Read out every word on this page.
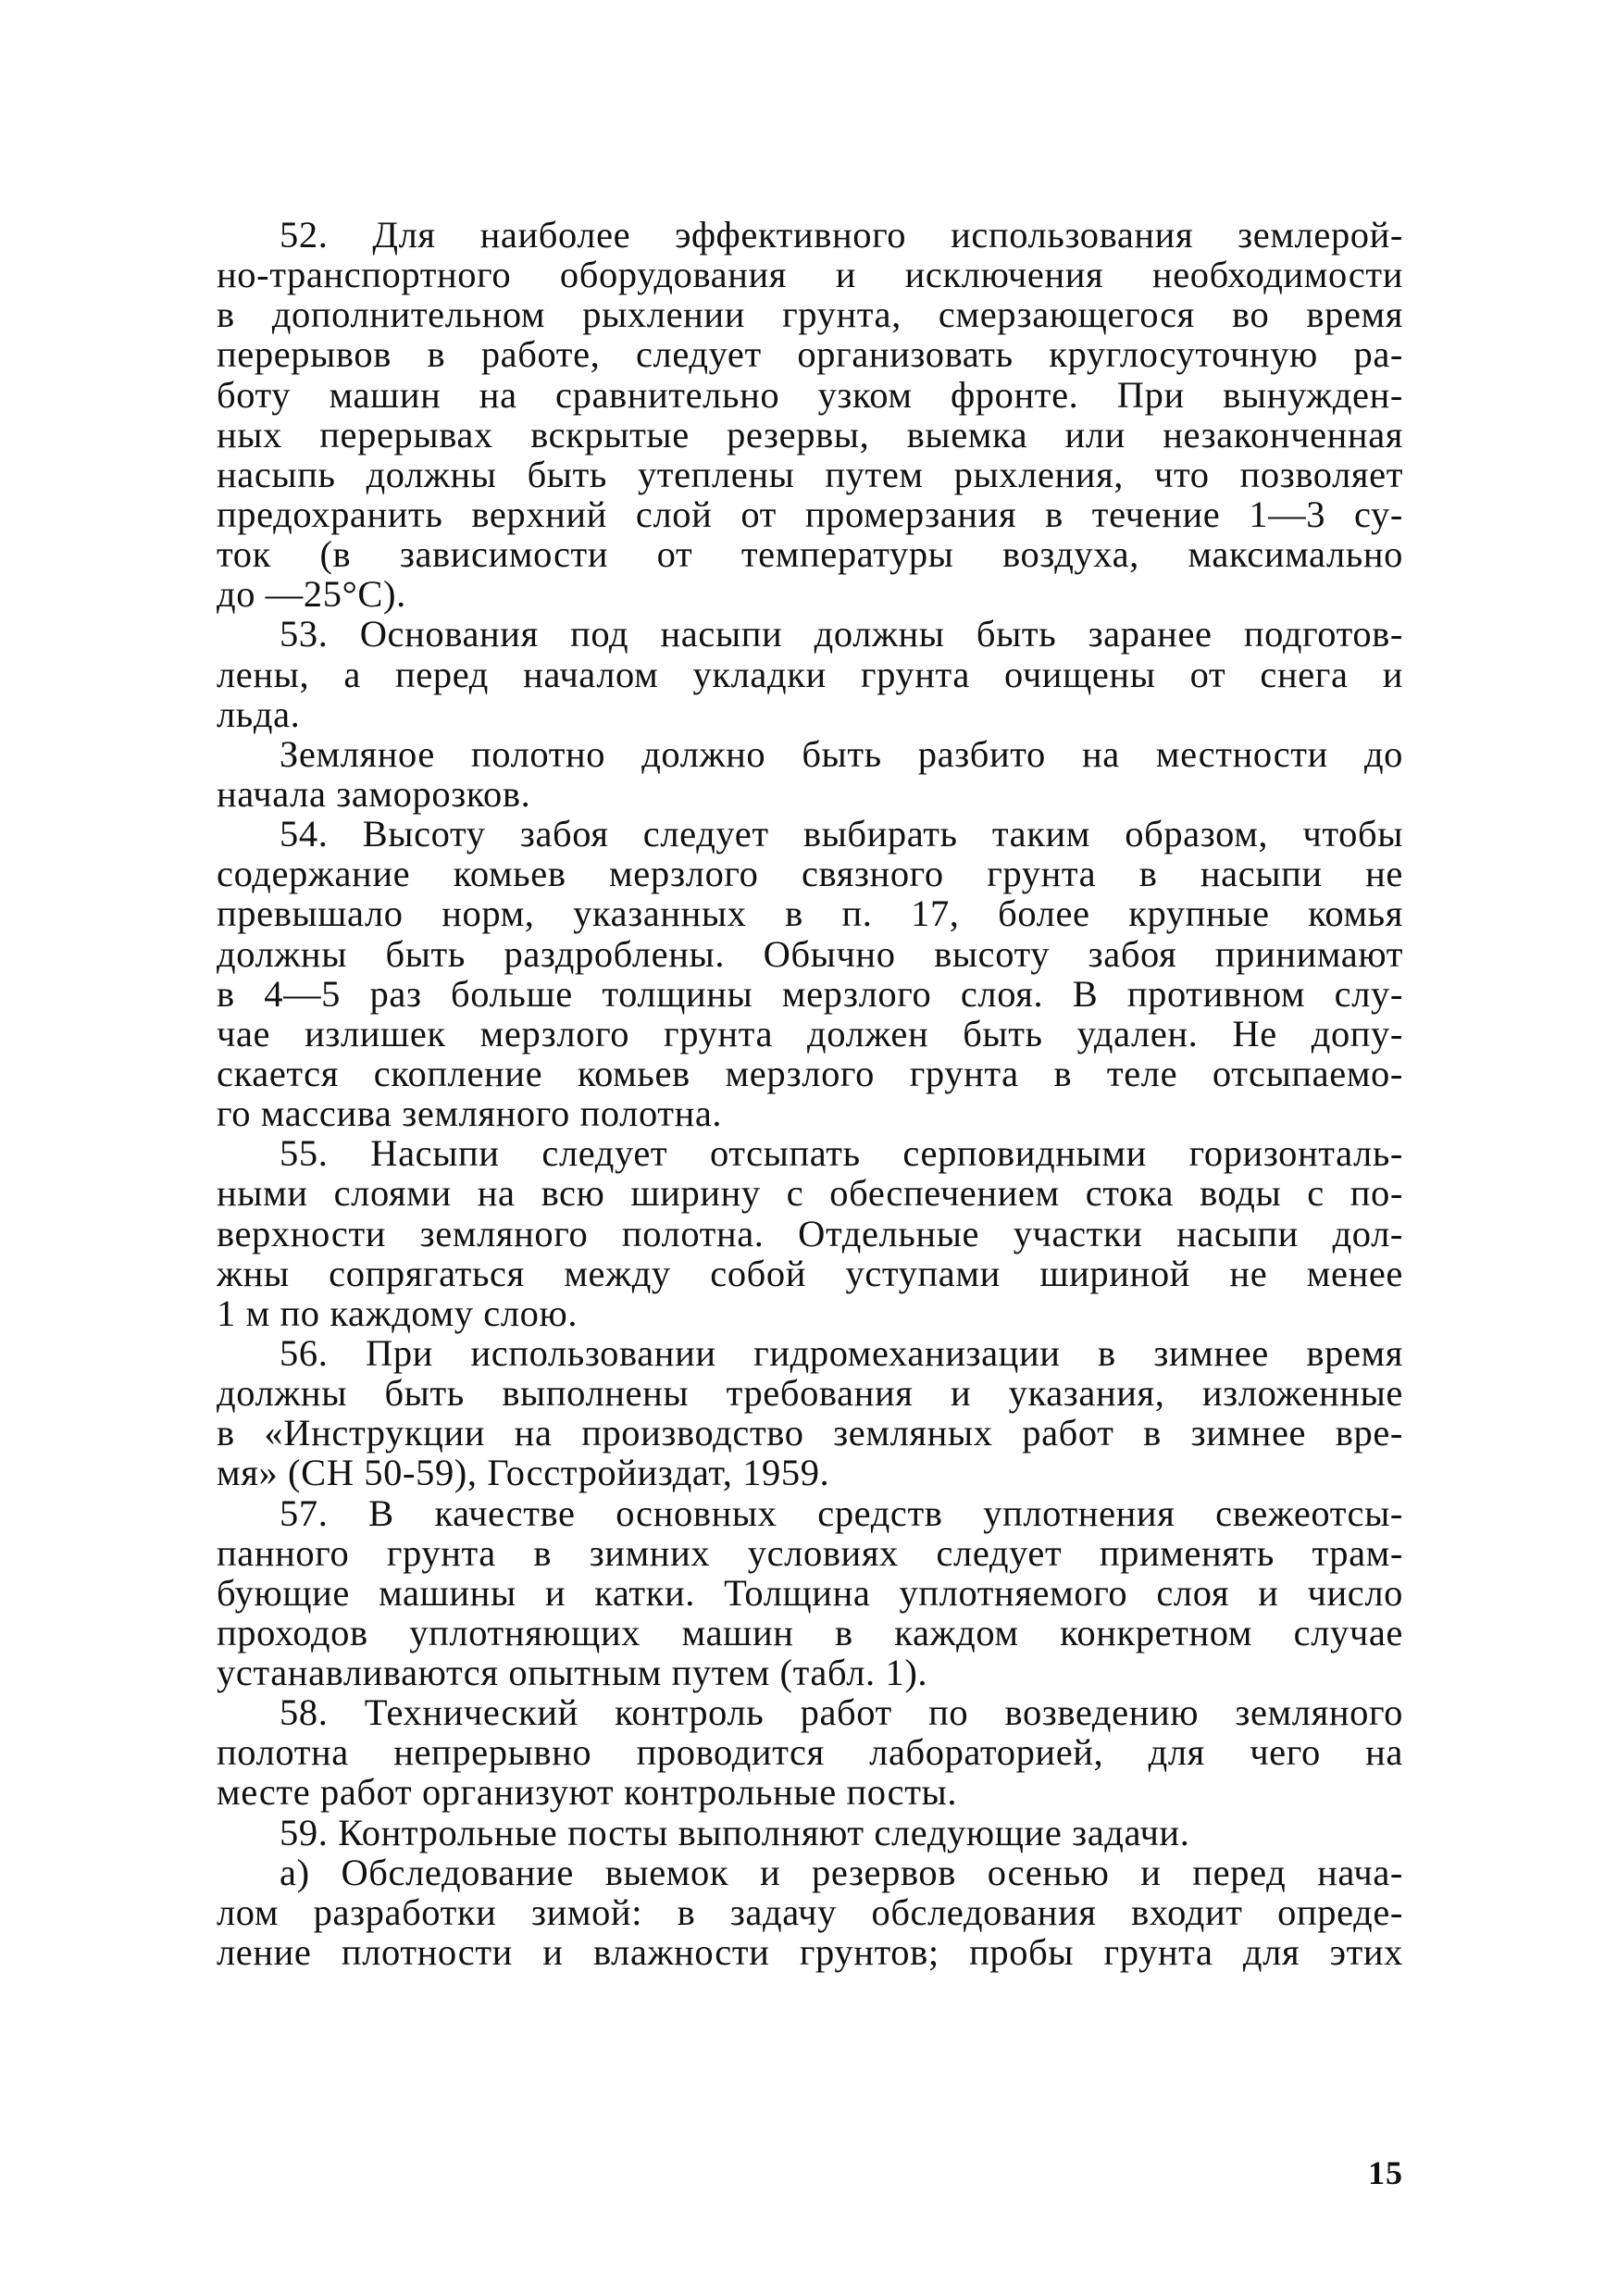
52. Для наиболее эффективного использования землерой-
но-транспортного оборудования и исключения необходимости
в дополнительном рыхлении грунта, смерзающегося во время
перерывов в работе, следует организовать круглосуточную ра-
боту машин на сравнительно узком фронте. При вынужден-
ных перерывах вскрытые резервы, выемка или незаконченная
насыпь должны быть утеплены путем рыхления, что позволяет
предохранить верхний слой от промерзания в течение 1—3 су-
ток (в зависимости от температуры воздуха, максимально
до —25°С).
53. Основания под насыпи должны быть заранее подготов-
лены, а перед началом укладки грунта очищены от снега и
льда.
Земляное полотно должно быть разбито на местности до
начала заморозков.
54. Высоту забоя следует выбирать таким образом, чтобы
содержание комьев мерзлого связного грунта в насыпи не
превышало норм, указанных в п. 17, более крупные комья
должны быть раздроблены. Обычно высоту забоя принимают
в 4—5 раз больше толщины мерзлого слоя. В противном слу-
чае излишек мерзлого грунта должен быть удален. Не допу-
скается скопление комьев мерзлого грунта в теле отсыпаемо-
го массива земляного полотна.
55. Насыпи следует отсыпать серповидными горизонталь-
ными слоями на всю ширину с обеспечением стока воды с по-
верхности земляного полотна. Отдельные участки насыпи дол-
жны сопрягаться между собой уступами шириной не менее
1 м по каждому слою.
56. При использовании гидромеханизации в зимнее время
должны быть выполнены требования и указания, изложенные
в «Инструкции на производство земляных работ в зимнее вре-
мя» (СН 50-59), Госстройиздат, 1959.
57. В качестве основных средств уплотнения свежеотсы-
панного грунта в зимних условиях следует применять трам-
бующие машины и катки. Толщина уплотняемого слоя и число
проходов уплотняющих машин в каждом конкретном случае
устанавливаются опытным путем (табл. 1).
58. Технический контроль работ по возведению земляного
полотна непрерывно проводится лабораторией, для чего на
месте работ организуют контрольные посты.
59. Контрольные посты выполняют следующие задачи.
а) Обследование выемок и резервов осенью и перед нача-
лом разработки зимой: в задачу обследования входит опреде-
ление плотности и влажности грунтов; пробы грунта для этих
15
